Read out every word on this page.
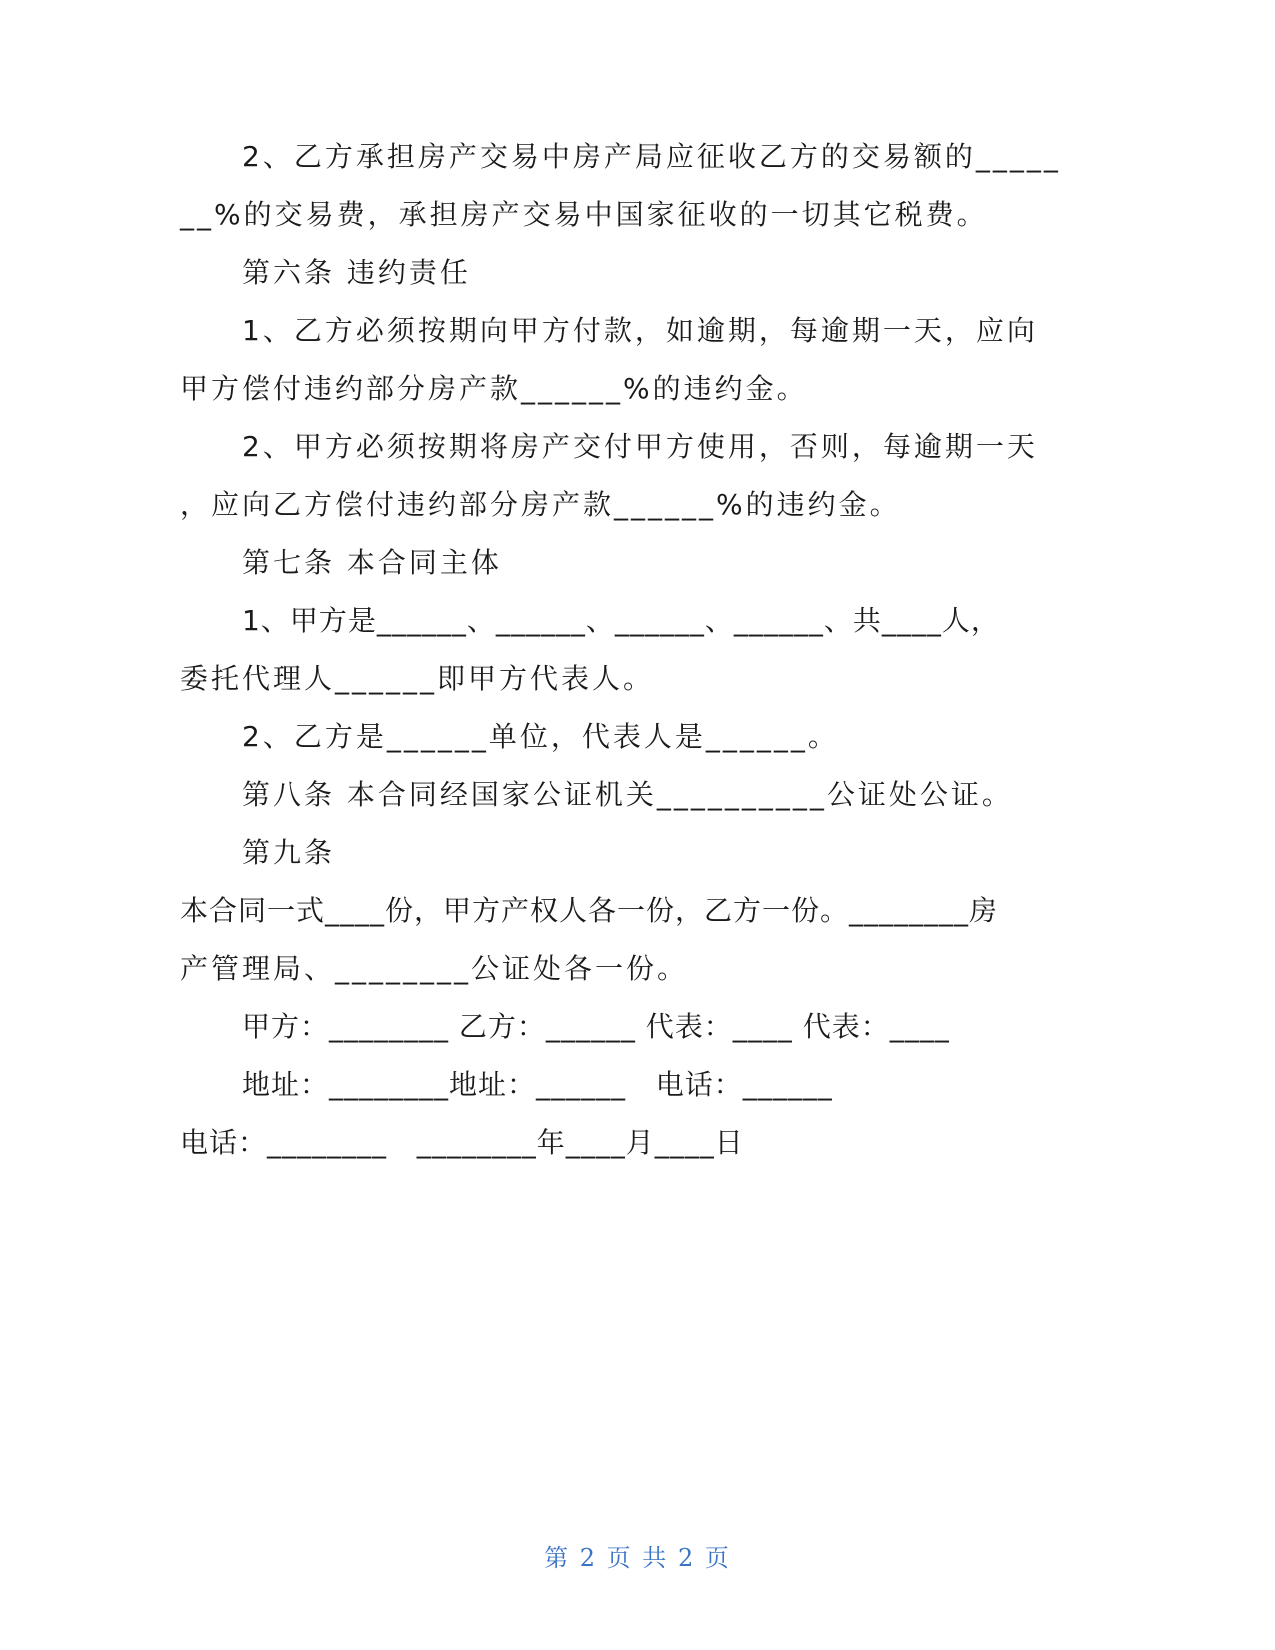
2、乙方承担房产交易中房产局应征收乙方的交易额的_____
__%的交易费，承担房产交易中国家征收的一切其它税费。
第六条 违约责任
1、乙方必须按期向甲方付款，如逾期，每逾期一天，应向
甲方偿付违约部分房产款______%的违约金。
2、甲方必须按期将房产交付甲方使用，否则，每逾期一天
，应向乙方偿付违约部分房产款______%的违约金。
第七条 本合同主体
1、甲方是______、______、______、______、共____人，
委托代理人______即甲方代表人。
2、乙方是______单位，代表人是______。
第八条 本合同经国家公证机关__________公证处公证。
第九条
本合同一式____份，甲方产权人各一份，乙方一份。________房
产管理局、________公证处各一份。
甲方：________ 乙方：______ 代表：____ 代表：____
地址：________地址：______   电话：______
电话：________   ________年____月____日
第 2 页 共 2 页
